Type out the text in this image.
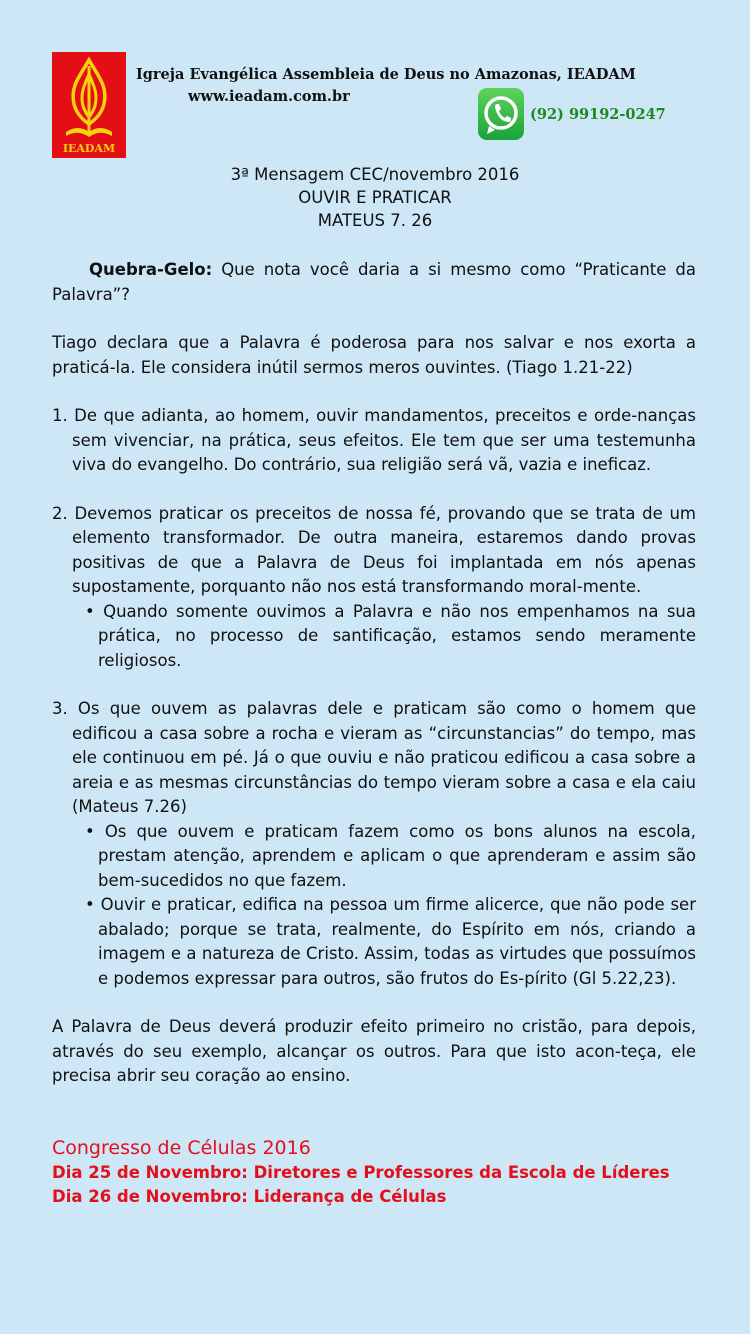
IEADAM
Igreja Evangélica Assembleia de Deus no Amazonas, IEADAM
www.ieadam.com.br
(92) 99192-0247
3ª Mensagem CEC/novembro 2016
OUVIR E PRATICAR
MATEUS 7. 26

Quebra-Gelo: Que nota você daria a si mesmo como “Praticante da Palavra”?

Tiago declara que a Palavra é poderosa para nos salvar e nos exorta a praticá-la. Ele considera inútil sermos meros ouvintes. (Tiago 1.21-22)

1. De que adianta, ao homem, ouvir mandamentos, preceitos e orde-nanças sem vivenciar, na prática, seus efeitos. Ele tem que ser uma testemunha viva do evangelho. Do contrário, sua religião será vã, vazia e ineficaz.

2. Devemos praticar os preceitos de nossa fé, provando que se trata de um elemento transformador. De outra maneira, estaremos dando provas positivas de que a Palavra de Deus foi implantada em nós apenas supostamente, porquanto não nos está transformando moral-mente.

• Quando somente ouvimos a Palavra e não nos empenhamos na sua prática, no processo de santificação, estamos sendo meramente religiosos.

3. Os que ouvem as palavras dele e praticam são como o homem que edificou a casa sobre a rocha e vieram as “circunstancias” do tempo, mas ele continuou em pé. Já o que ouviu e não praticou edificou a casa sobre a areia e as mesmas circunstâncias do tempo vieram sobre a casa e ela caiu (Mateus 7.26)

• Os que ouvem e praticam fazem como os bons alunos na escola, prestam atenção, aprendem e aplicam o que aprenderam e assim são bem-sucedidos no que fazem.

• Ouvir e praticar, edifica na pessoa um firme alicerce, que não pode ser abalado; porque se trata, realmente, do Espírito em nós, criando a imagem e a natureza de Cristo. Assim, todas as virtudes que possuímos e podemos expressar para outros, são frutos do Es-pírito (Gl 5.22,23).

A Palavra de Deus deverá produzir efeito primeiro no cristão, para depois, através do seu exemplo, alcançar os outros. Para que isto acon-teça, ele precisa abrir seu coração ao ensino.

Congresso de Células 2016
Dia 25 de Novembro: Diretores e Professores da Escola de Líderes
Dia 26 de Novembro: Liderança de Células
